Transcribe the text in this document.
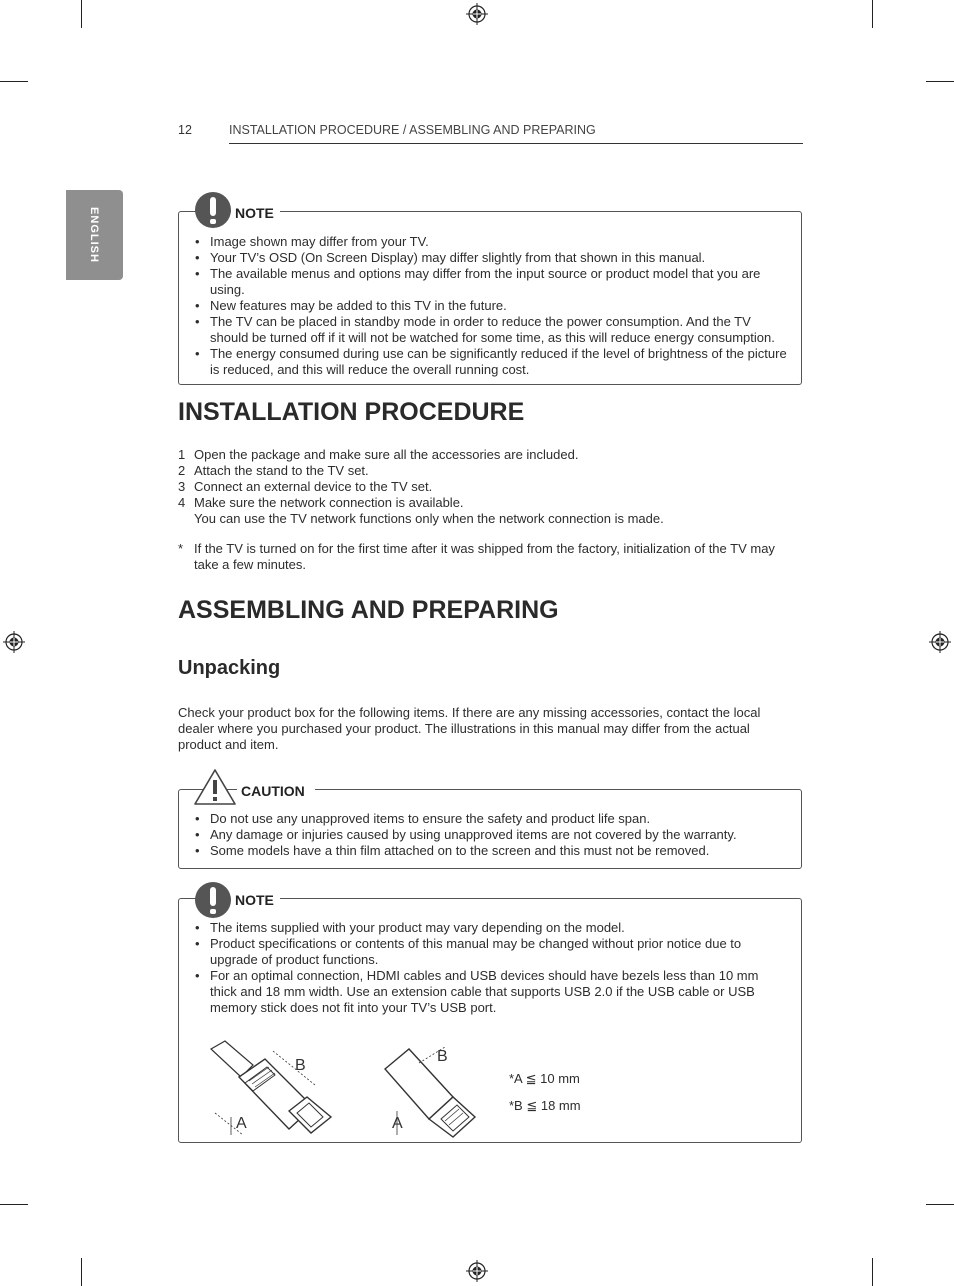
12	INSTALLATION PROCEDURE / ASSEMBLING AND PREPARING
ENGLISH	NOTE
• Image shown may differ from your TV.
• Your TV’s OSD (On Screen Display) may differ slightly from that shown in this manual.
• The available menus and options may differ from the input source or product model that you are using.
• New features may be added to this TV in the future.
• The TV can be placed in standby mode in order to reduce the power consumption. And the TV should be turned off if it will not be watched for some time, as this will reduce energy consumption.
• The energy consumed during use can be significantly reduced if the level of brightness of the picture is reduced, and this will reduce the overall running cost.
INSTALLATION PROCEDURE
1 Open the package and make sure all the accessories are included.
2 Attach the stand to the TV set.
3 Connect an external device to the TV set.
4 Make sure the network connection is available.
You can use the TV network functions only when the network connection is made.
* If the TV is turned on for the first time after it was shipped from the factory, initialization of the TV may take a few minutes.
ASSEMBLING AND PREPARING
Unpacking
Check your product box for the following items. If there are any missing accessories, contact the local dealer where you purchased your product. The illustrations in this manual may differ from the actual product and item.
CAUTION
• Do not use any unapproved items to ensure the safety and product life span.
• Any damage or injuries caused by using unapproved items are not covered by the warranty.
• Some models have a thin film attached on to the screen and this must not be removed.
NOTE
• The items supplied with your product may vary depending on the model.
• Product specifications or contents of this manual may be changed without prior notice due to upgrade of product functions.
• For an optimal connection, HDMI cables and USB devices should have bezels less than 10 mm thick and 18 mm width. Use an extension cable that supports USB 2.0 if the USB cable or USB memory stick does not fit into your TV’s USB port.
B
A
B
A
*A ≦ 10 mm
*B ≦ 18 mm
